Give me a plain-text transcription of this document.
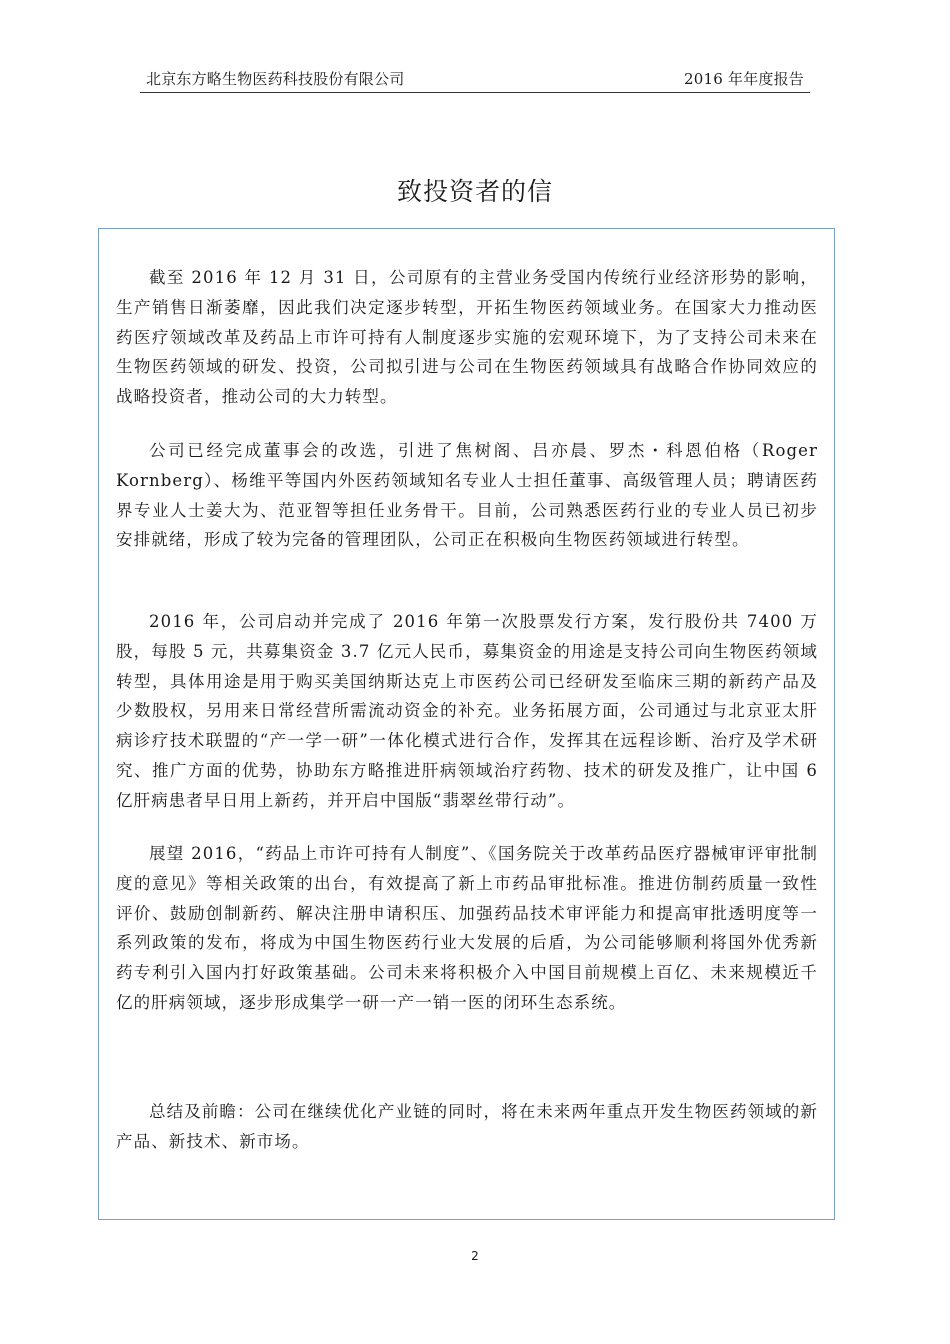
北京东方略生物医药科技股份有限公司	2016 年年度报告
致投资者的信
截至 2016 年 12 月 31 日，公司原有的主营业务受国内传统行业经济形势的影响，生产销售日渐萎靡，因此我们决定逐步转型，开拓生物医药领域业务。在国家大力推动医药医疗领域改革及药品上市许可持有人制度逐步实施的宏观环境下，为了支持公司未来在生物医药领域的研发、投资，公司拟引进与公司在生物医药领域具有战略合作协同效应的战略投资者，推动公司的大力转型。
公司已经完成董事会的改选，引进了焦树阁、吕亦晨、罗杰・科恩伯格（Roger Kornberg）、杨维平等国内外医药领域知名专业人士担任董事、高级管理人员；聘请医药界专业人士姜大为、范亚智等担任业务骨干。目前，公司熟悉医药行业的专业人员已初步安排就绪，形成了较为完备的管理团队，公司正在积极向生物医药领域进行转型。
2016 年，公司启动并完成了 2016 年第一次股票发行方案，发行股份共 7400 万股，每股 5 元，共募集资金 3.7 亿元人民币，募集资金的用途是支持公司向生物医药领域转型，具体用途是用于购买美国纳斯达克上市医药公司已经研发至临床三期的新药产品及少数股权，另用来日常经营所需流动资金的补充。业务拓展方面，公司通过与北京亚太肝病诊疗技术联盟的“产一学一研”一体化模式进行合作，发挥其在远程诊断、治疗及学术研究、推广方面的优势，协助东方略推进肝病领域治疗药物、技术的研发及推广，让中国 6 亿肝病患者早日用上新药，并开启中国版“翡翠丝带行动”。
展望 2016，“药品上市许可持有人制度”、《国务院关于改革药品医疗器械审评审批制度的意见》等相关政策的出台，有效提高了新上市药品审批标准。推进仿制药质量一致性评价、鼓励创制新药、解决注册申请积压、加强药品技术审评能力和提高审批透明度等一系列政策的发布，将成为中国生物医药行业大发展的后盾，为公司能够顺利将国外优秀新药专利引入国内打好政策基础。公司未来将积极介入中国目前规模上百亿、未来规模近千亿的肝病领域，逐步形成集学一研一产一销一医的闭环生态系统。
总结及前瞻：公司在继续优化产业链的同时，将在未来两年重点开发生物医药领域的新产品、新技术、新市场。
2
